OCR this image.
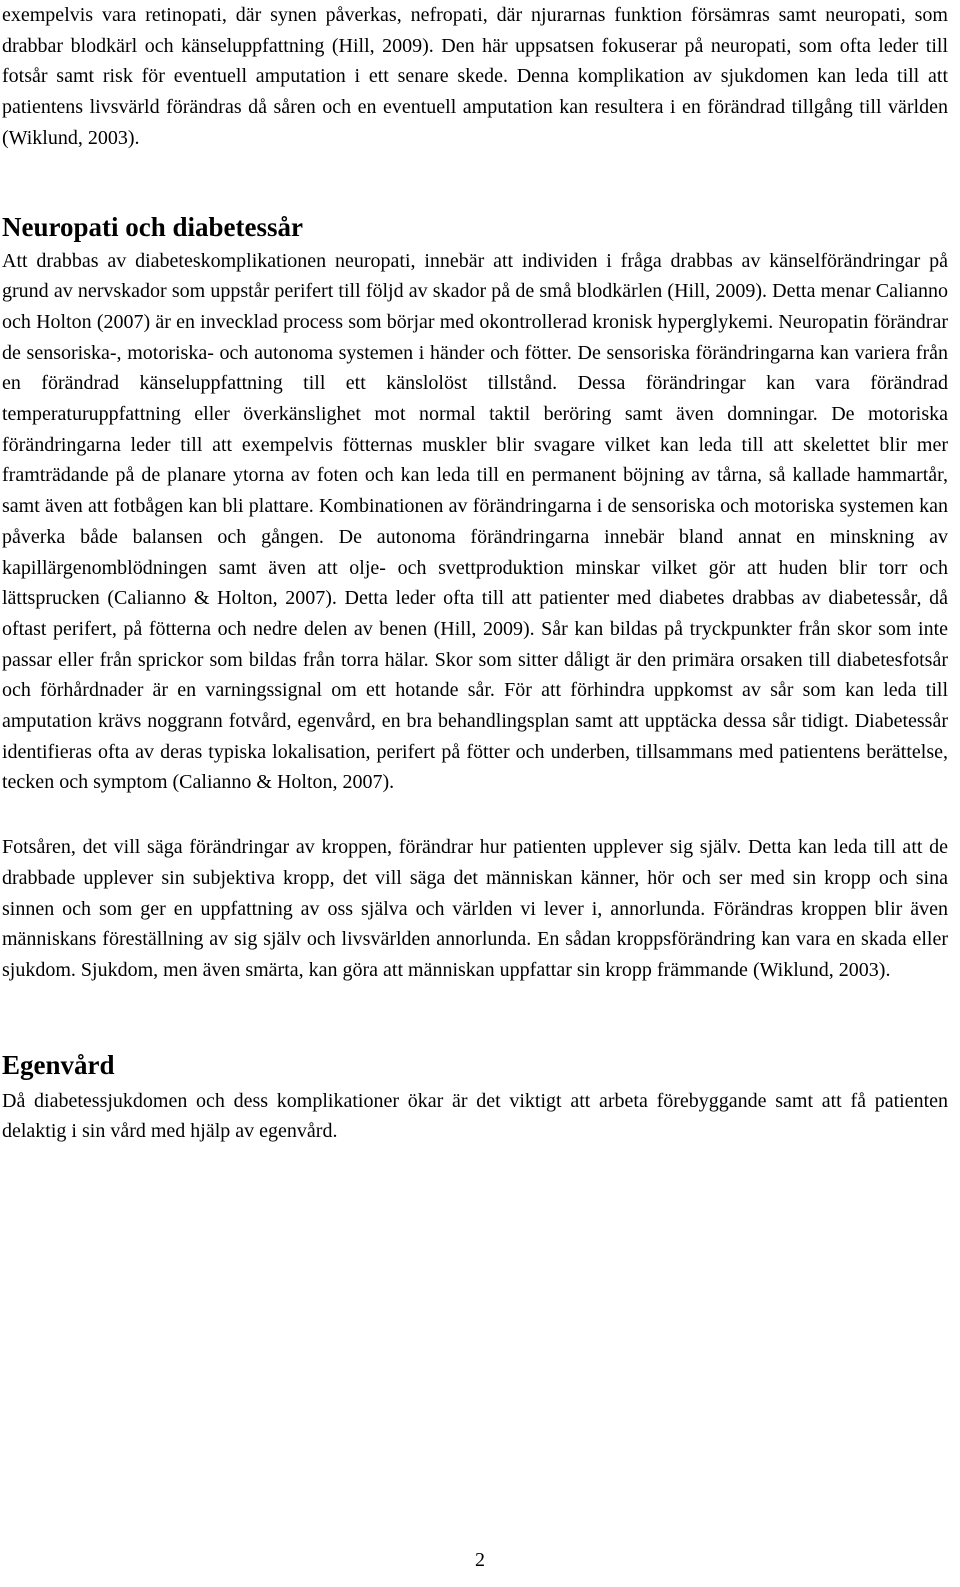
exempelvis vara retinopati, där synen påverkas, nefropati, där njurarnas funktion försämras samt neuropati, som drabbar blodkärl och känseluppfattning (Hill, 2009). Den här uppsatsen fokuserar på neuropati, som ofta leder till fotsår samt risk för eventuell amputation i ett senare skede. Denna komplikation av sjukdomen kan leda till att patientens livsvärld förändras då såren och en eventuell amputation kan resultera i en förändrad tillgång till världen (Wiklund, 2003).

Neuropati och diabetessår

Att drabbas av diabeteskomplikationen neuropati, innebär att individen i fråga drabbas av känselförändringar på grund av nervskador som uppstår perifert till följd av skador på de små blodkärlen (Hill, 2009). Detta menar Calianno och Holton (2007) är en invecklad process som börjar med okontrollerad kronisk hyperglykemi. Neuropatin förändrar de sensoriska-, motoriska- och autonoma systemen i händer och fötter. De sensoriska förändringarna kan variera från en förändrad känseluppfattning till ett känslolöst tillstånd. Dessa förändringar kan vara förändrad temperaturuppfattning eller överkänslighet mot normal taktil beröring samt även domningar. De motoriska förändringarna leder till att exempelvis fötternas muskler blir svagare vilket kan leda till att skelettet blir mer framträdande på de planare ytorna av foten och kan leda till en permanent böjning av tårna, så kallade hammartår, samt även att fotbågen kan bli plattare. Kombinationen av förändringarna i de sensoriska och motoriska systemen kan påverka både balansen och gången. De autonoma förändringarna innebär bland annat en minskning av kapillärgenomblödningen samt även att olje- och svettproduktion minskar vilket gör att huden blir torr och lättsprucken (Calianno & Holton, 2007). Detta leder ofta till att patienter med diabetes drabbas av diabetessår, då oftast perifert, på fötterna och nedre delen av benen (Hill, 2009). Sår kan bildas på tryckpunkter från skor som inte passar eller från sprickor som bildas från torra hälar. Skor som sitter dåligt är den primära orsaken till diabetesfotsår och förhårdnader är en varningssignal om ett hotande sår. För att förhindra uppkomst av sår som kan leda till amputation krävs noggrann fotvård, egenvård, en bra behandlingsplan samt att upptäcka dessa sår tidigt. Diabetessår identifieras ofta av deras typiska lokalisation, perifert på fötter och underben, tillsammans med patientens berättelse, tecken och symptom (Calianno & Holton, 2007).

Fotsåren, det vill säga förändringar av kroppen, förändrar hur patienten upplever sig själv. Detta kan leda till att de drabbade upplever sin subjektiva kropp, det vill säga det människan känner, hör och ser med sin kropp och sina sinnen och som ger en uppfattning av oss själva och världen vi lever i, annorlunda. Förändras kroppen blir även människans föreställning av sig själv och livsvärlden annorlunda. En sådan kroppsförändring kan vara en skada eller sjukdom. Sjukdom, men även smärta, kan göra att människan uppfattar sin kropp främmande (Wiklund, 2003).

Egenvård

Då diabetessjukdomen och dess komplikationer ökar är det viktigt att arbeta förebyggande samt att få patienten delaktig i sin vård med hjälp av egenvård.

2
